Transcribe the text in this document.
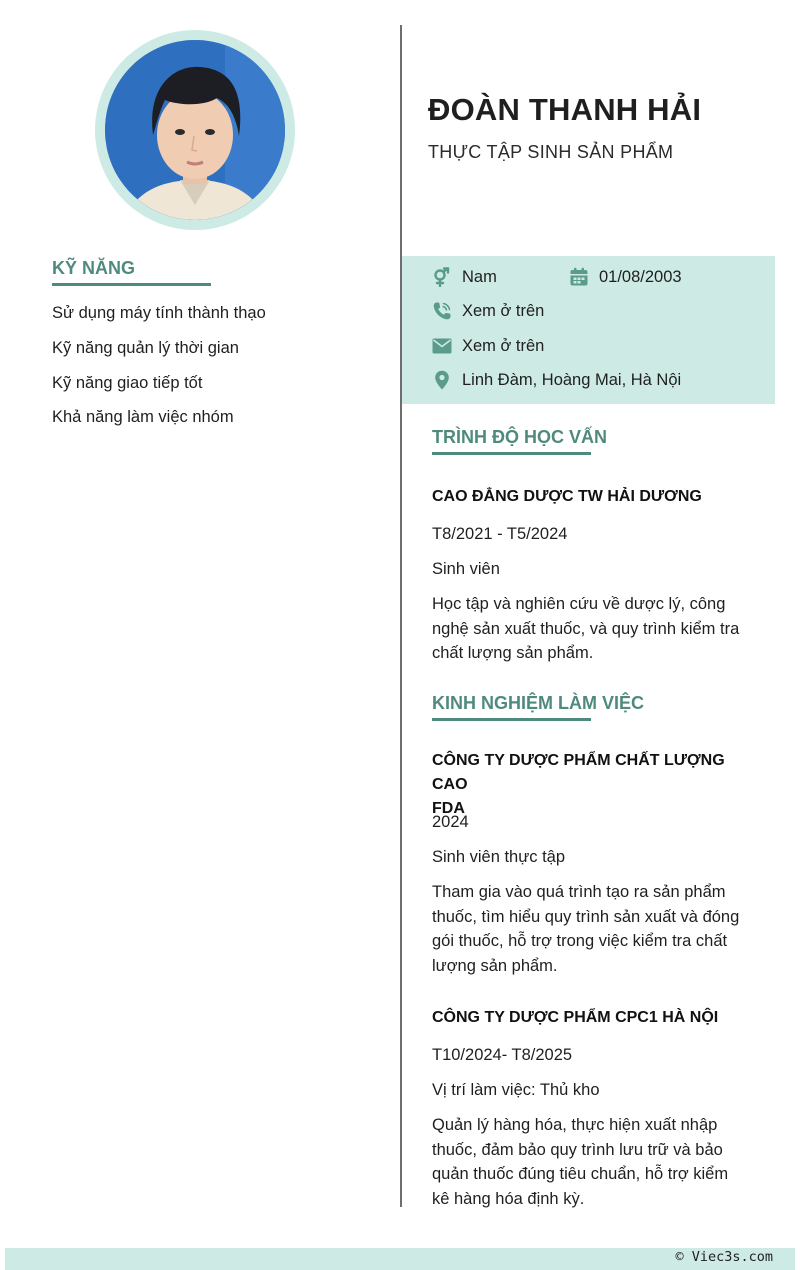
KỸ NĂNG
Sử dụng máy tính thành thạo
Kỹ năng quản lý thời gian
Kỹ năng giao tiếp tốt
Khả năng làm việc nhóm
ĐOÀN THANH HẢI
THỰC TẬP SINH SẢN PHẨM
Nam	01/08/2003
Xem ở trên
Xem ở trên
Linh Đàm, Hoàng Mai, Hà Nội
TRÌNH ĐỘ HỌC VẤN
CAO ĐẲNG DƯỢC TW HẢI DƯƠNG
T8/2021 - T5/2024
Sinh viên
Học tập và nghiên cứu về dược lý, công
nghệ sản xuất thuốc, và quy trình kiểm tra
chất lượng sản phẩm.
KINH NGHIỆM LÀM VIỆC
CÔNG TY DƯỢC PHẨM CHẤT LƯỢNG CAO
FDA
2024
Sinh viên thực tập
Tham gia vào quá trình tạo ra sản phẩm
thuốc, tìm hiểu quy trình sản xuất và đóng
gói thuốc, hỗ trợ trong việc kiểm tra chất
lượng sản phẩm.
CÔNG TY DƯỢC PHẨM CPC1 HÀ NỘI
T10/2024- T8/2025
Vị trí làm việc: Thủ kho
Quản lý hàng hóa, thực hiện xuất nhập
thuốc, đảm bảo quy trình lưu trữ và bảo
quản thuốc đúng tiêu chuẩn, hỗ trợ kiểm
kê hàng hóa định kỳ.
© Viec3s.com
